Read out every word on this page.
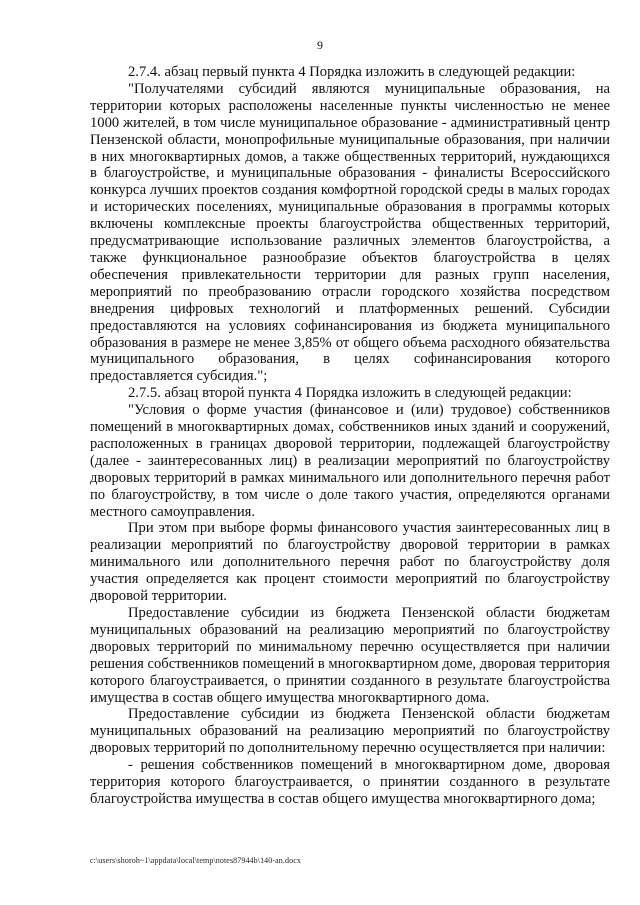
9

2.7.4. абзац первый пункта 4 Порядка изложить в следующей редакции:

"Получателями субсидий являются муниципальные образования, на территории которых расположены населенные пункты численностью не менее 1000 жителей, в том числе муниципальное образование - административный центр Пензенской области, монопрофильные муниципальные образования, при наличии в них многоквартирных домов, а также общественных территорий, нуждающихся в благоустройстве, и муниципальные образования - финалисты Всероссийского конкурса лучших проектов создания комфортной городской среды в малых городах и исторических поселениях, муниципальные образования в программы которых включены комплексные проекты благоустройства общественных территорий, предусматривающие использование различных элементов благоустройства, а также функциональное разнообразие объектов благоустройства в целях обеспечения привлекательности территории для разных групп населения, мероприятий по преобразованию отрасли городского хозяйства посредством внедрения цифровых технологий и платформенных решений. Субсидии предоставляются на условиях софинансирования из бюджета муниципального образования в размере не менее 3,85% от общего объема расходного обязательства муниципального образования, в целях софинансирования которого предоставляется субсидия.";

2.7.5. абзац второй пункта 4 Порядка изложить в следующей редакции:

"Условия о форме участия (финансовое и (или) трудовое) собственников помещений в многоквартирных домах, собственников иных зданий и сооружений, расположенных в границах дворовой территории, подлежащей благоустройству (далее - заинтересованных лиц) в реализации мероприятий по благоустройству дворовых территорий в рамках минимального или дополнительного перечня работ по благоустройству, в том числе о доле такого участия, определяются органами местного самоуправления.

При этом при выборе формы финансового участия заинтересованных лиц в реализации мероприятий по благоустройству дворовой территории в рамках минимального или дополнительного перечня работ по благоустройству доля участия определяется как процент стоимости мероприятий по благоустройству дворовой территории.

Предоставление субсидии из бюджета Пензенской области бюджетам муниципальных образований на реализацию мероприятий по благоустройству дворовых территорий по минимальному перечню осуществляется при наличии решения собственников помещений в многоквартирном доме, дворовая территория которого благоустраивается, о принятии созданного в результате благоустройства имущества в состав общего имущества многоквартирного дома.

Предоставление субсидии из бюджета Пензенской области бюджетам муниципальных образований на реализацию мероприятий по благоустройству дворовых территорий по дополнительному перечню осуществляется при наличии:

- решения собственников помещений в многоквартирном доме, дворовая территория которого благоустраивается, о принятии созданного в результате благоустройства имущества в состав общего имущества многоквартирного дома;

c:\users\shoroh~1\appdata\local\temp\notes87944b\140-an.docx
